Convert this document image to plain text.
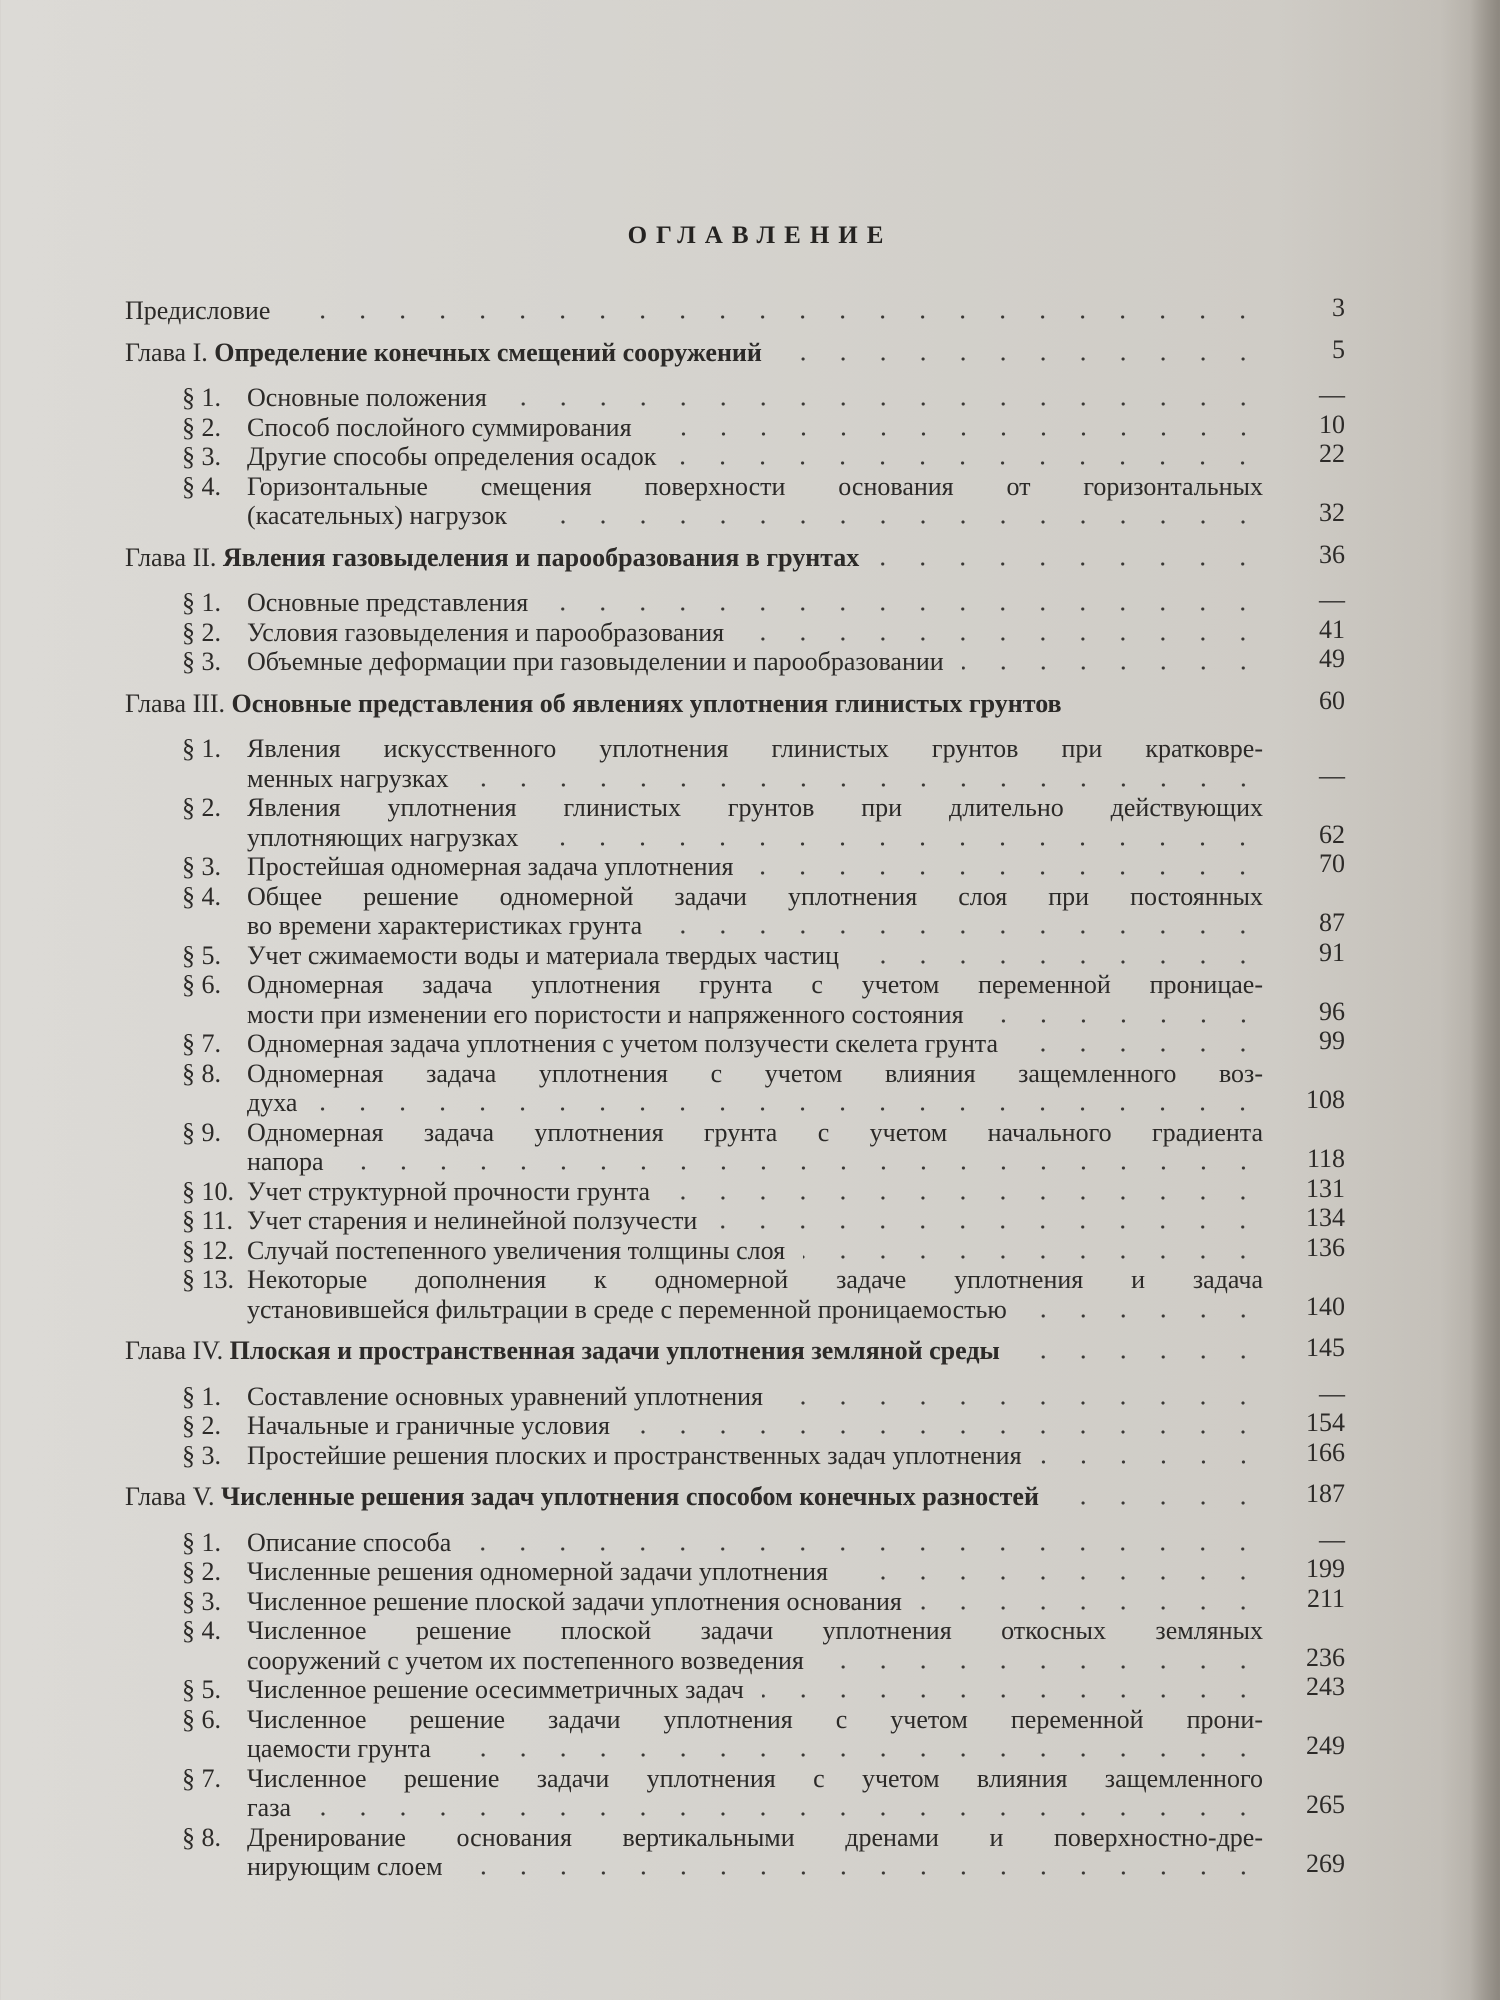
ОГЛАВЛЕНИЕ
Предисловие	3
Глава I.
Определение конечных смещений сооружений	5
§ 1.	Основные положения	—
§ 2.	Способ послойного суммирования	10
§ 3.	Другие способы определения осадок	22
§ 4.	Горизонтальные смещения поверхности основания от горизонтальных
(касательных) нагрузок	32
Глава II.
Явления газовыделения и парообразования в грунтах	36
§ 1.	Основные представления	—
§ 2.	Условия газовыделения и парообразования	41
§ 3.	Объемные деформации при газовыделении и парообразовании	49
Глава III.
Основные представления об явлениях уплотнения глинистых грунтов	60
§ 1.	Явления искусственного уплотнения глинистых грунтов при кратковре-
менных нагрузках	—
§ 2.	Явления уплотнения глинистых грунтов при длительно действующих
уплотняющих нагрузках	62
§ 3.	Простейшая одномерная задача уплотнения	70
§ 4.	Общее решение одномерной задачи уплотнения слоя при постоянных
во времени характеристиках грунта	87
§ 5.	Учет сжимаемости воды и материала твердых частиц	91
§ 6.	Одномерная задача уплотнения грунта с учетом переменной проницае-
мости при изменении его пористости и напряженного состояния	96
§ 7.	Одномерная задача уплотнения с учетом ползучести скелета грунта	99
§ 8.	Одномерная задача уплотнения с учетом влияния защемленного воз-
духа	108
§ 9.	Одномерная задача уплотнения грунта с учетом начального градиента
напора	118
§ 10. Учет структурной прочности грунта	131
§ 11. Учет старения и нелинейной ползучести	134
§ 12. Случай постепенного увеличения толщины слоя	136
§ 13. Некоторые дополнения к одномерной задаче уплотнения и задача
установившейся фильтрации в среде с переменной проницаемостью	140
Глава IV.
Плоская и пространственная задачи уплотнения земляной среды	145
§ 1.	Составление основных уравнений уплотнения	—
§ 2.	Начальные и граничные условия	154
§ 3.	Простейшие решения плоских и пространственных задач уплотнения	166
Глава V.
Численные решения задач уплотнения способом конечных разностей	187
§ 1.	Описание способа	—
§ 2.	Численные решения одномерной задачи уплотнения	199
§ 3.	Численное решение плоской задачи уплотнения основания	211
§ 4.	Численное решение плоской задачи уплотнения откосных земляных
сооружений с учетом их постепенного возведения	236
§ 5.	Численное решение осесимметричных задач	243
§ 6.	Численное решение задачи уплотнения с учетом переменной прони-
цаемости грунта	249
§ 7.	Численное решение задачи уплотнения с учетом влияния защемленного
газа	265
§ 8.	Дренирование основания вертикальными дренами и поверхностно-дре-
нирующим слоем	269
